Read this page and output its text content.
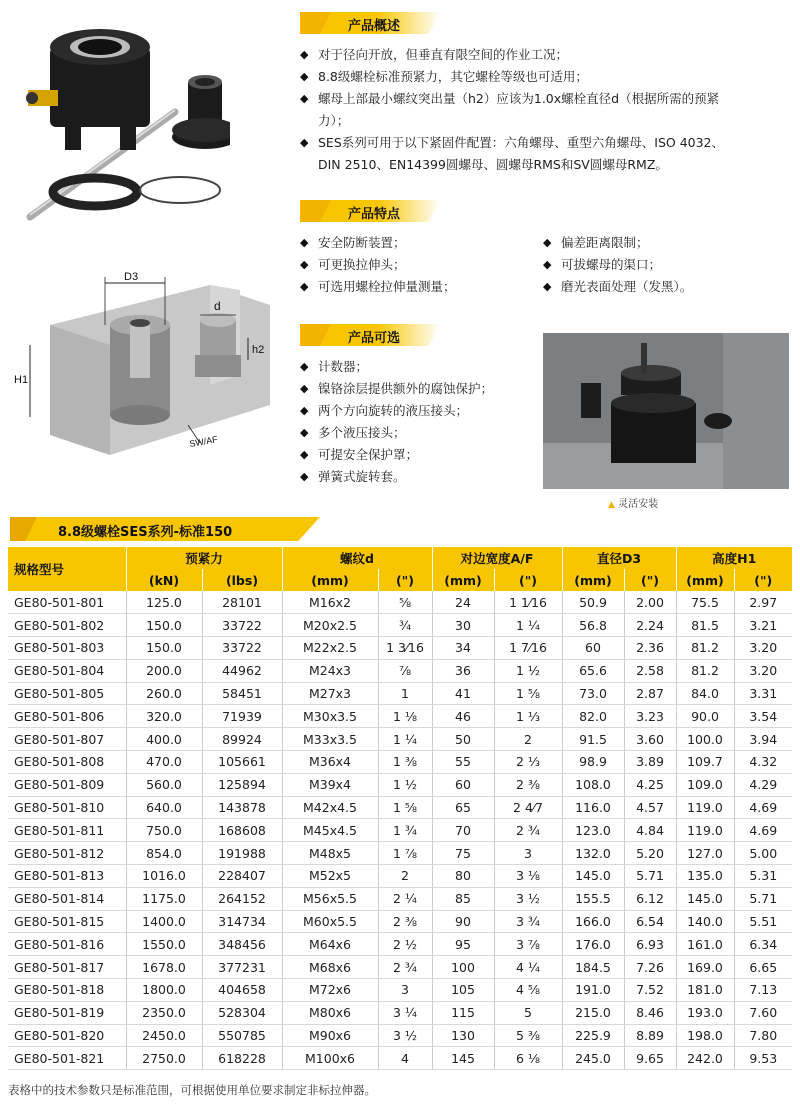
D3
d
h2
H1
SW/AF
产品概述
◆ 对于径向开放，但垂直有限空间的作业工况；
◆ 8.8级螺栓标准预紧力，其它螺栓等级也可适用；
◆ 螺母上部最小螺纹突出量（h2）应该为1.0x螺栓直径d（根据所需的预紧
力）；
◆ SES系列可用于以下紧固件配置：六角螺母、重型六角螺母、ISO 4032、
DIN 2510、EN14399圆螺母、圆螺母RMS和SV圆螺母RMZ。
产品特点
◆ 安全防断装置；
◆ 可更换拉伸头；
◆ 可选用螺栓拉伸量测量；
◆ 偏差距离限制；
◆ 可拔螺母的渠口；
◆ 磨光表面处理（发黑）。
产品可选
◆ 计数器；
◆ 镍铬涂层提供额外的腐蚀保护；
◆ 两个方向旋转的液压接头；
◆ 多个液压接头；
◆ 可提安全保护罩；
◆ 弹簧式旋转套。
▲ 灵活安装
8.8级螺栓SES系列-标准150
规格型号	预紧力		螺纹d		对边宽度A/F		直径D3		高度H1	
	(kN)	(lbs)	(mm)	(")	(mm)	(")	(mm)	(")	(mm)	(")
GE80-501-801	125.0	28101	M16x2	⅝	24	1 1⁄16	50.9	2.00	75.5	2.97
GE80-501-802	150.0	33722	M20x2.5	¾	30	1 ¼	56.8	2.24	81.5	3.21
GE80-501-803	150.0	33722	M22x2.5	1 3⁄16	34	1 7⁄16	60	2.36	81.2	3.20
GE80-501-804	200.0	44962	M24x3	⅞	36	1 ½	65.6	2.58	81.2	3.20
GE80-501-805	260.0	58451	M27x3	1	41	1 ⅝	73.0	2.87	84.0	3.31
GE80-501-806	320.0	71939	M30x3.5	1 ⅛	46	1 ⅓	82.0	3.23	90.0	3.54
GE80-501-807	400.0	89924	M33x3.5	1 ¼	50	2	91.5	3.60	100.0	3.94
GE80-501-808	470.0	105661	M36x4	1 ⅜	55	2 ⅓	98.9	3.89	109.7	4.32
GE80-501-809	560.0	125894	M39x4	1 ½	60	2 ⅜	108.0	4.25	109.0	4.29
GE80-501-810	640.0	143878	M42x4.5	1 ⅝	65	2 4⁄7	116.0	4.57	119.0	4.69
GE80-501-811	750.0	168608	M45x4.5	1 ¾	70	2 ¾	123.0	4.84	119.0	4.69
GE80-501-812	854.0	191988	M48x5	1 ⅞	75	3	132.0	5.20	127.0	5.00
GE80-501-813	1016.0	228407	M52x5	2	80	3 ⅛	145.0	5.71	135.0	5.31
GE80-501-814	1175.0	264152	M56x5.5	2 ¼	85	3 ½	155.5	6.12	145.0	5.71
GE80-501-815	1400.0	314734	M60x5.5	2 ⅜	90	3 ¾	166.0	6.54	140.0	5.51
GE80-501-816	1550.0	348456	M64x6	2 ½	95	3 ⅞	176.0	6.93	161.0	6.34
GE80-501-817	1678.0	377231	M68x6	2 ¾	100	4 ¼	184.5	7.26	169.0	6.65
GE80-501-818	1800.0	404658	M72x6	3	105	4 ⅝	191.0	7.52	181.0	7.13
GE80-501-819	2350.0	528304	M80x6	3 ¼	115	5	215.0	8.46	193.0	7.60
GE80-501-820	2450.0	550785	M90x6	3 ½	130	5 ⅜	225.9	8.89	198.0	7.80
GE80-501-821	2750.0	618228	M100x6	4	145	6 ⅛	245.0	9.65	242.0	9.53
表格中的技术参数只是标准范围，可根据使用单位要求制定非标拉伸器。
